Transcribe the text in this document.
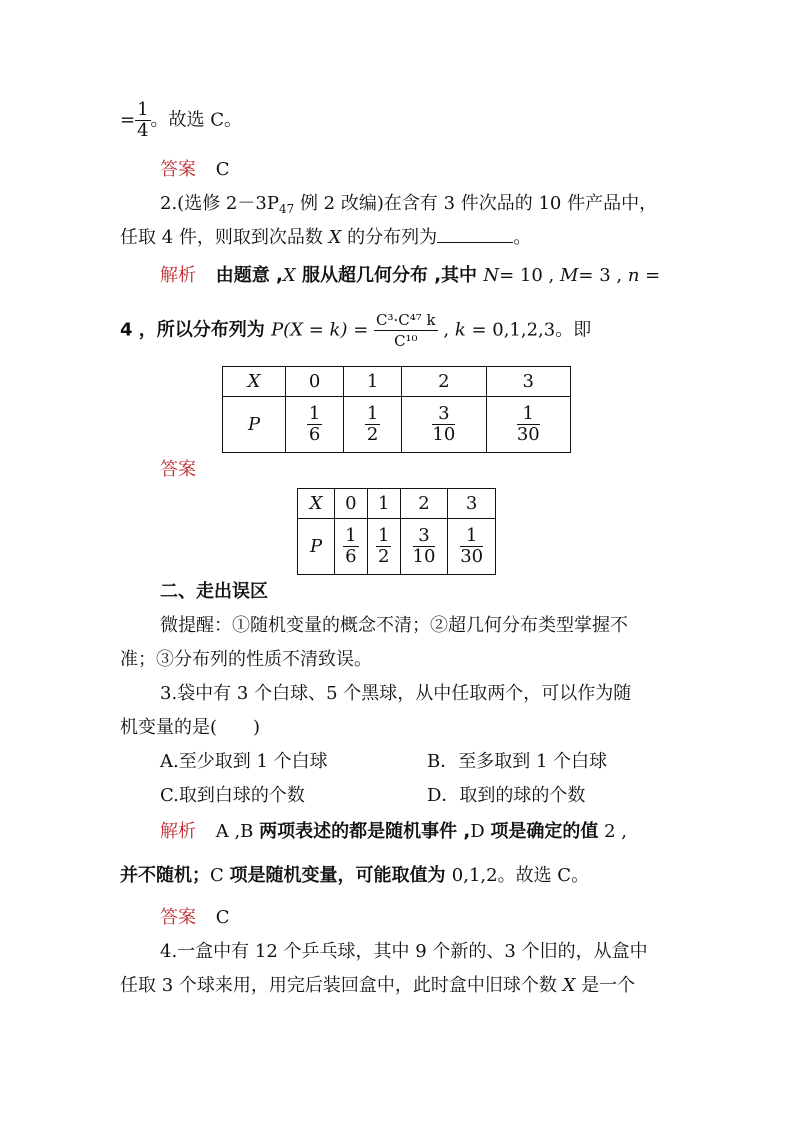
= $\frac{1}{4}$ 。故选 C。
答案 C
2.(选修 $2-3P_{47}$ 例 2 改编)在含有 3 件次品的 10 件产品中，
任取 4 件，则取到次品数 X 的分布列为	。
解析 由题意 ,X 服从超几何分布 ,其中 N= 10 , M= 3 , n =
4 ，所以分布列为 $P(X = k) = \frac{\text{C³·C⁴⁷ k}}{\text{C¹⁰}}$ , k = 0,1,2,3。即
X	0	1	2	3
P	$\frac{1}{6}$	$\frac{1}{2}$	$\frac{3}{10}$	$\frac{1}{30}$
答案
X	0	1	2	3
P	$\frac{1}{6}$	$\frac{1}{2}$	$\frac{3}{10}$	$\frac{1}{30}$
二、走出误区
微提醒：①随机变量的概念不清；②超几何分布类型掌握不
准；③分布列的性质不清致误。
3.袋中有 3 个白球、5 个黑球，从中任取两个，可以作为随
机变量的是(　　)
A.至少取到 1 个白球	B．至多取到 1 个白球
C.取到白球的个数	D．取到的球的个数
解析 A ,B 两项表述的都是随机事件 ,D 项是确定的值 2 ,
并不随机；C 项是随机变量，可能取值为 0,1,2。故选 C。
答案 C
4.一盒中有 12 个乒乓球，其中 9 个新的、3 个旧的，从盒中
任取 3 个球来用，用完后装回盒中，此时盒中旧球个数 X 是一个
